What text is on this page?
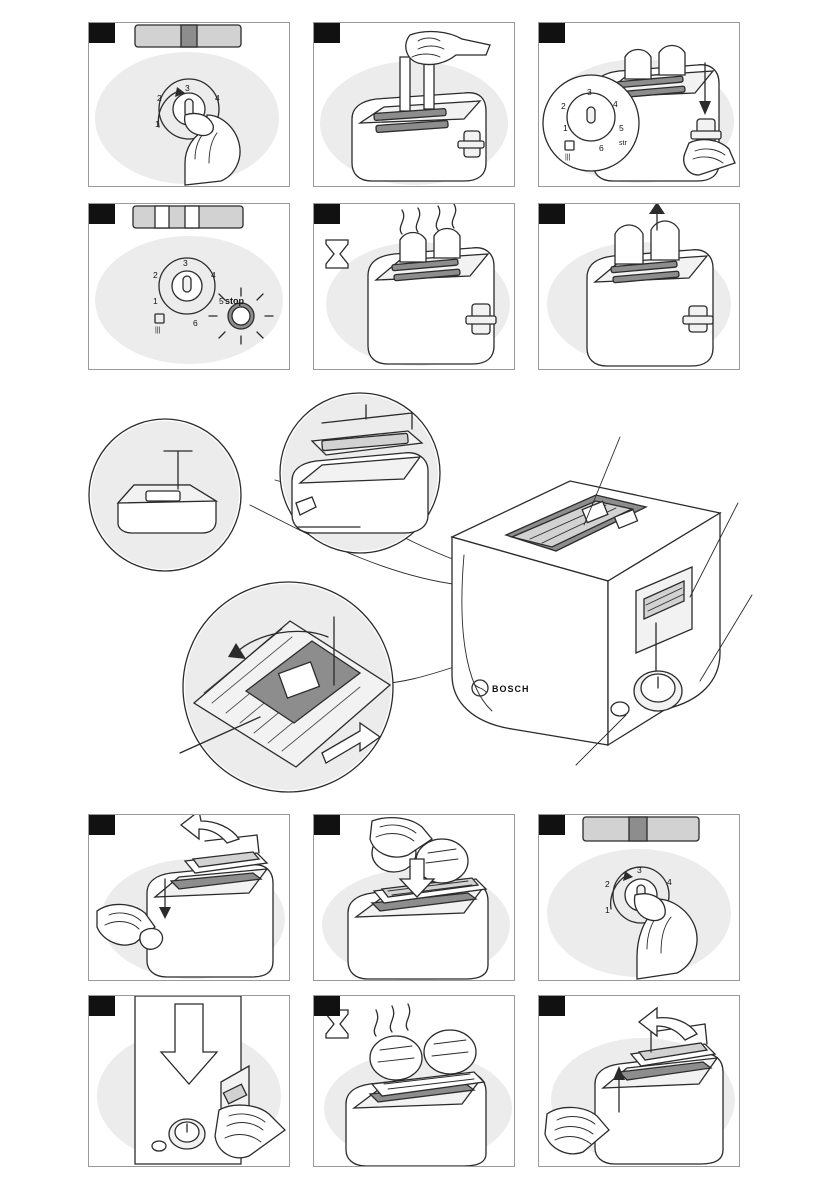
1
2
3
4
1
2
3
4
5
6 str
|||
1
2
3
4
5
6
|||
stop
BOSCH
1
2
3
4
